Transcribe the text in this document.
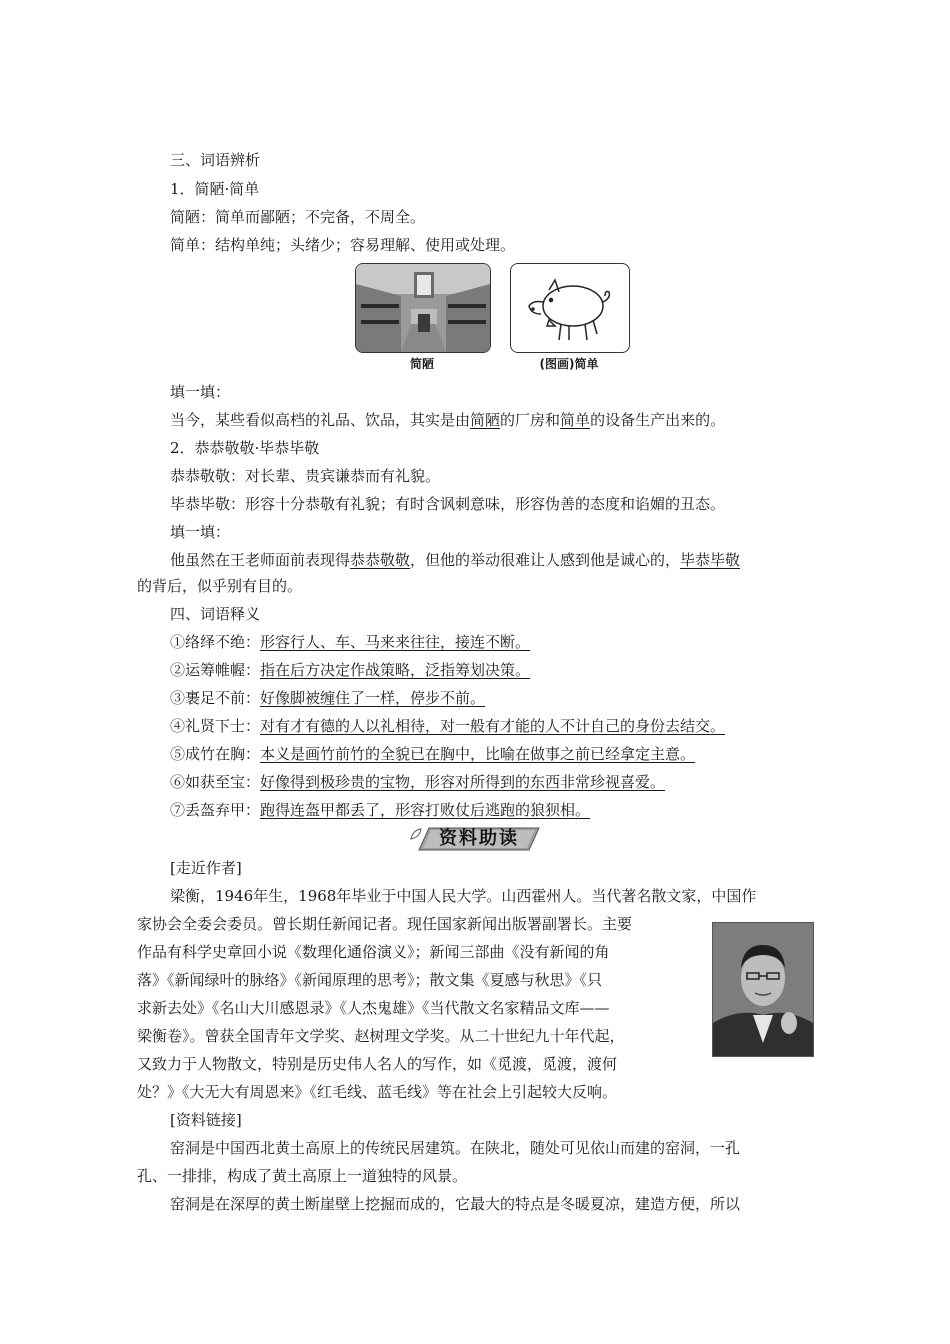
三、词语辨析
1．简陋·简单
简陋：简单而鄙陋；不完备，不周全。
简单：结构单纯；头绪少；容易理解、使用或处理。
简陋	(图画)简单
填一填：
当今，某些看似高档的礼品、饮品，其实是由简陋的厂房和简单的设备生产出来的。
2．恭恭敬敬·毕恭毕敬
恭恭敬敬：对长辈、贵宾谦恭而有礼貌。
毕恭毕敬：形容十分恭敬有礼貌；有时含讽刺意味，形容伪善的态度和谄媚的丑态。
填一填：
他虽然在王老师面前表现得恭恭敬敬，但他的举动很难让人感到他是诚心的，毕恭毕敬
的背后，似乎别有目的。
四、词语释义
①络绎不绝：形容行人、车、马来来往往，接连不断。
②运筹帷幄：指在后方决定作战策略，泛指筹划决策。
③裹足不前：好像脚被缠住了一样，停步不前。
④礼贤下士：对有才有德的人以礼相待，对一般有才能的人不计自己的身份去结交。
⑤成竹在胸：本义是画竹前竹的全貌已在胸中，比喻在做事之前已经拿定主意。
⑥如获至宝：好像得到极珍贵的宝物，形容对所得到的东西非常珍视喜爱。
⑦丢盔弃甲：跑得连盔甲都丢了，形容打败仗后逃跑的狼狈相。
资料助读
[走近作者]
梁衡，1946年生，1968年毕业于中国人民大学。山西霍州人。当代著名散文家，中国作
家协会全委会委员。曾长期任新闻记者。现任国家新闻出版署副署长。主要
作品有科学史章回小说《数理化通俗演义》；新闻三部曲《没有新闻的角
落》《新闻绿叶的脉络》《新闻原理的思考》；散文集《夏感与秋思》《只
求新去处》《名山大川感恩录》《人杰鬼雄》《当代散文名家精品文库——
梁衡卷》。曾获全国青年文学奖、赵树理文学奖。从二十世纪九十年代起，
又致力于人物散文，特别是历史伟人名人的写作，如《觅渡，觅渡，渡何
处？》《大无大有周恩来》《红毛线、蓝毛线》等在社会上引起较大反响。
[资料链接]
窑洞是中国西北黄土高原上的传统民居建筑。在陕北，随处可见依山而建的窑洞，一孔
孔、一排排，构成了黄土高原上一道独特的风景。
窑洞是在深厚的黄土断崖壁上挖掘而成的，它最大的特点是冬暖夏凉，建造方便，所以
